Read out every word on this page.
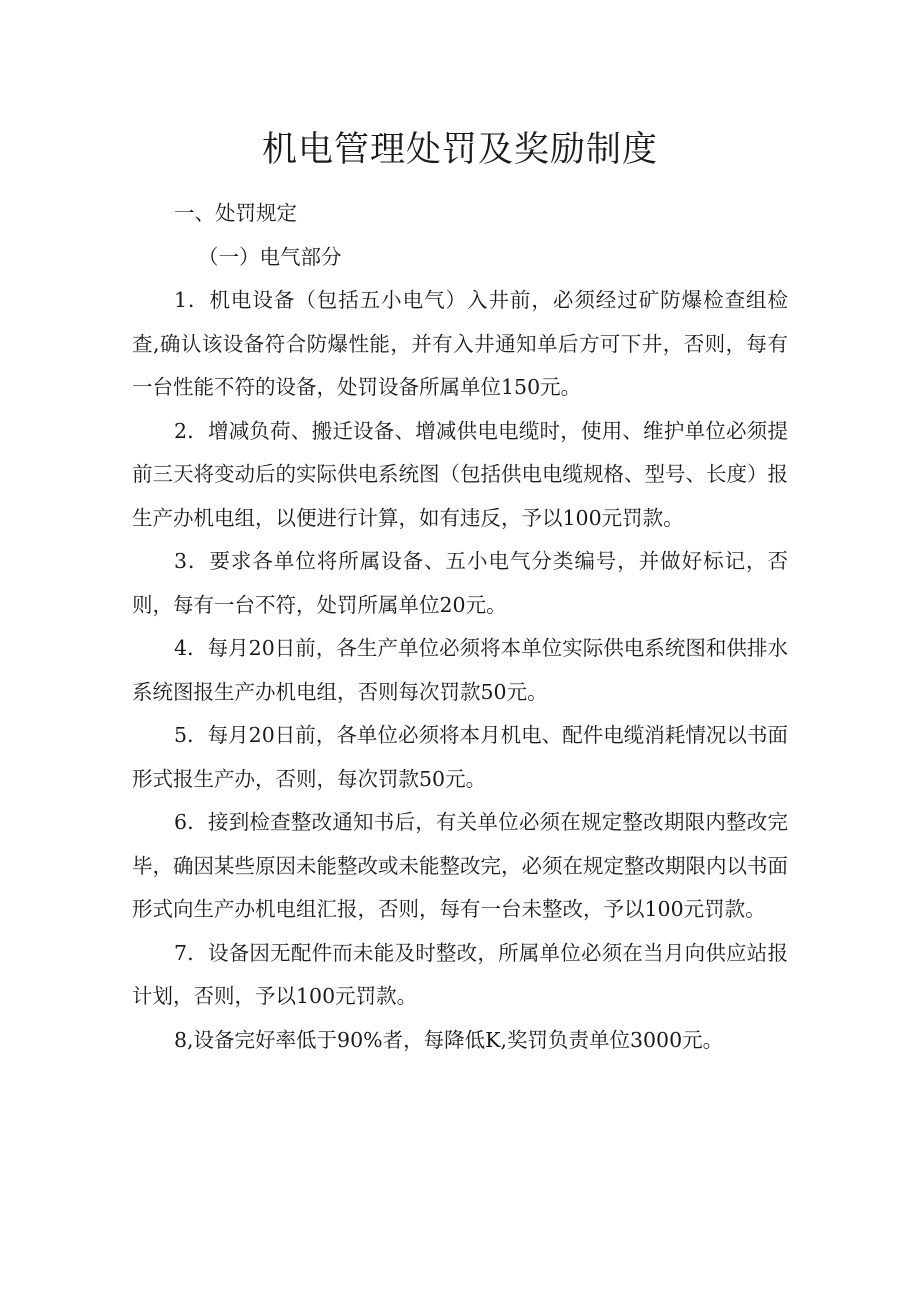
机电管理处罚及奖励制度

一、处罚规定

（一）电气部分

1．机电设备（包括五小电气）入井前，必须经过矿防爆检查组检查,确认该设备符合防爆性能，并有入井通知单后方可下井，否则，每有一台性能不符的设备，处罚设备所属单位150元。

2．增减负荷、搬迁设备、增减供电电缆时，使用、维护单位必须提前三天将变动后的实际供电系统图（包括供电电缆规格、型号、长度）报生产办机电组，以便进行计算，如有违反，予以100元罚款。

3．要求各单位将所属设备、五小电气分类编号，并做好标记，否则，每有一台不符，处罚所属单位20元。

4．每月20日前，各生产单位必须将本单位实际供电系统图和供排水系统图报生产办机电组，否则每次罚款50元。

5．每月20日前，各单位必须将本月机电、配件电缆消耗情况以书面形式报生产办，否则，每次罚款50元。

6．接到检查整改通知书后，有关单位必须在规定整改期限内整改完毕，确因某些原因未能整改或未能整改完，必须在规定整改期限内以书面形式向生产办机电组汇报，否则，每有一台未整改，予以100元罚款。

7．设备因无配件而未能及时整改，所属单位必须在当月向供应站报计划，否则，予以100元罚款。

8,设备完好率低于90%者，每降低K,奖罚负责单位3000元。
